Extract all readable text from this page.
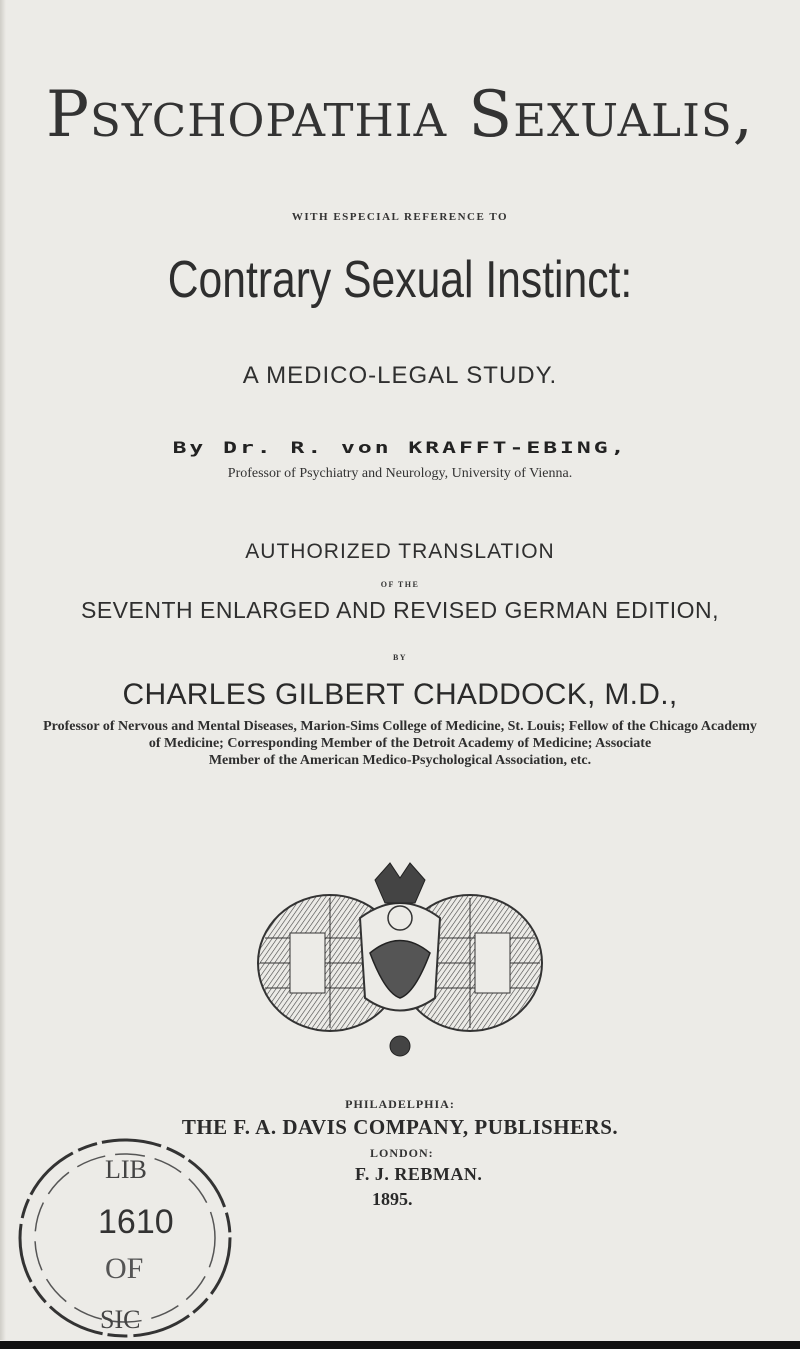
Psychopathia Sexualis,
WITH ESPECIAL REFERENCE TO
Contrary Sexual Instinct:
A MEDICO-LEGAL STUDY.
By Dr. R. von KRAFFT-EBING,
Professor of Psychiatry and Neurology, University of Vienna.
AUTHORIZED TRANSLATION
OF THE
SEVENTH ENLARGED AND REVISED GERMAN EDITION,
BY
CHARLES GILBERT CHADDOCK, M.D.,
Professor of Nervous and Mental Diseases, Marion-Sims College of Medicine, St. Louis; Fellow of the Chicago Academy
of Medicine; Corresponding Member of the Detroit Academy of Medicine; Associate
Member of the American Medico-Psychological Association, etc.
PHILADELPHIA:
THE F. A. DAVIS COMPANY, PUBLISHERS.
LONDON:
F. J. REBMAN.
1895.
LIB
1610
OF
SIC
